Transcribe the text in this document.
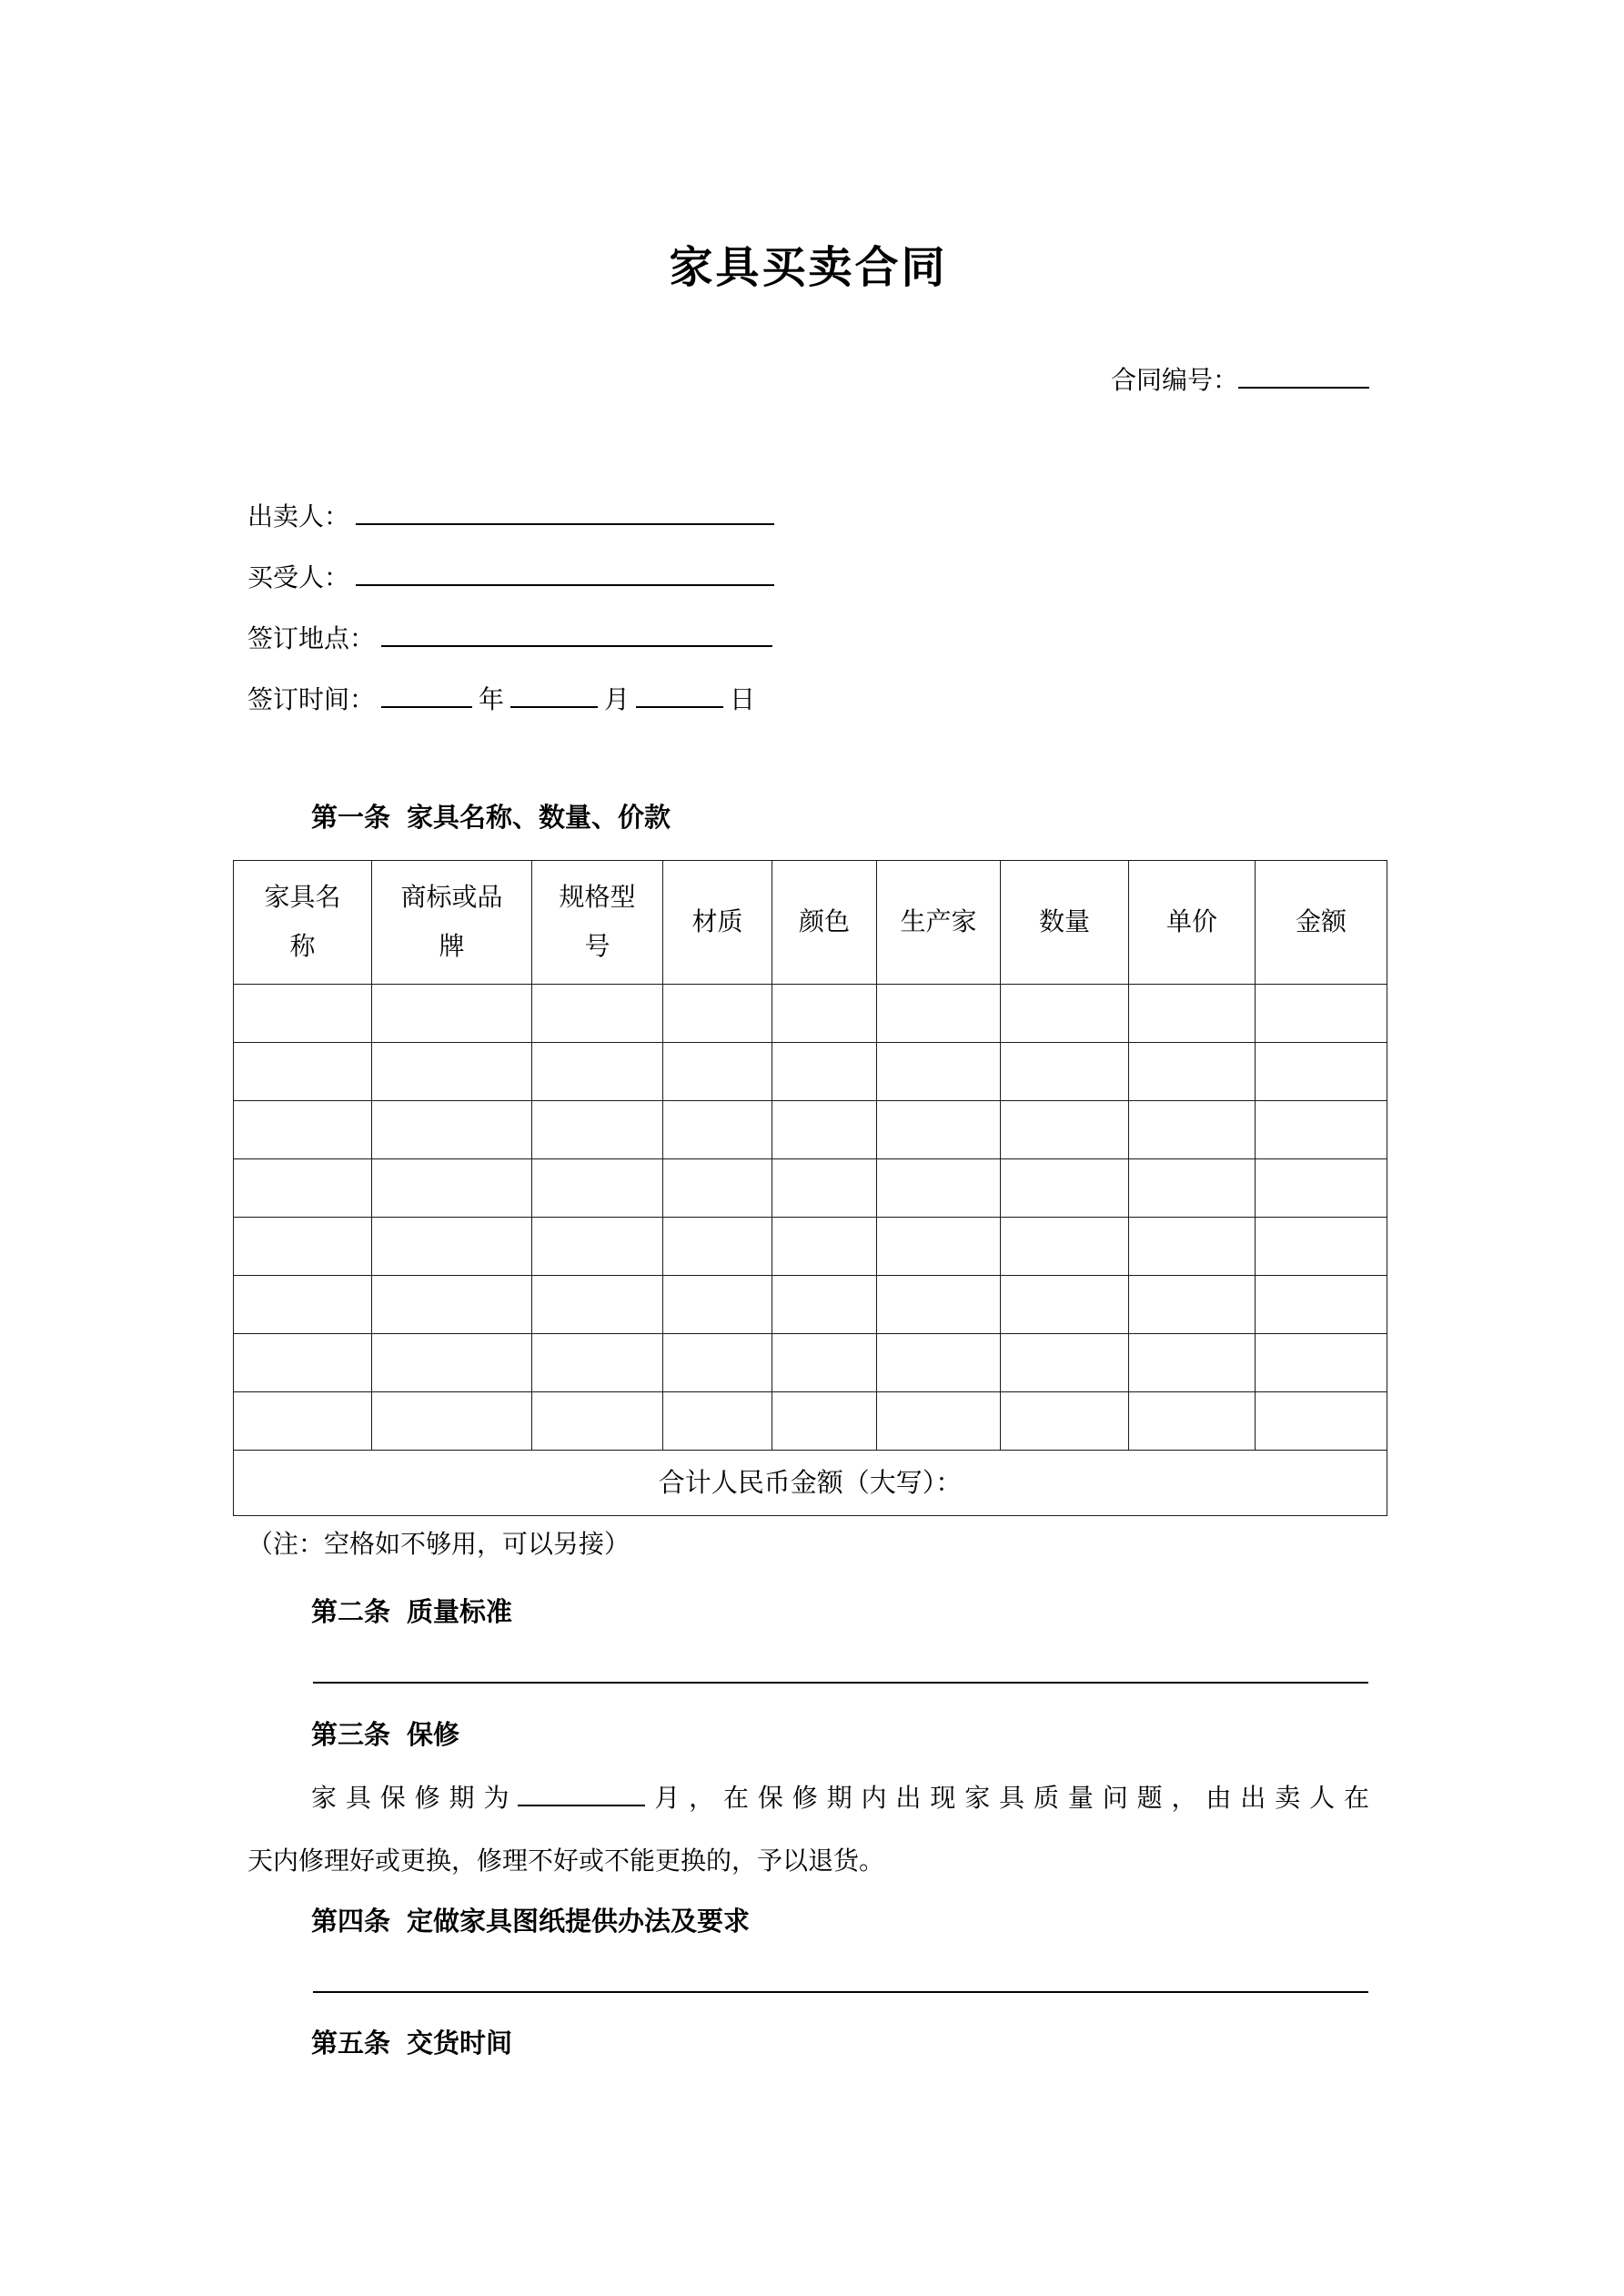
家具买卖合同
合同编号：
出卖人：
买受人：
签订地点：
签订时间：	年	月	日
第一条 家具名称、数量、价款
家具名称	商标或品牌	规格型号	材质	颜色	生产家	数量	单价	金额

合计人民币金额（大写）：								
（注：空格如不够用，可以另接）
第二条 质量标准
第三条 保修
家具保修期为	月，在保修期内出现家具质量问题，由出卖人在
天内修理好或更换，修理不好或不能更换的，予以退货。
第四条 定做家具图纸提供办法及要求
第五条 交货时间
